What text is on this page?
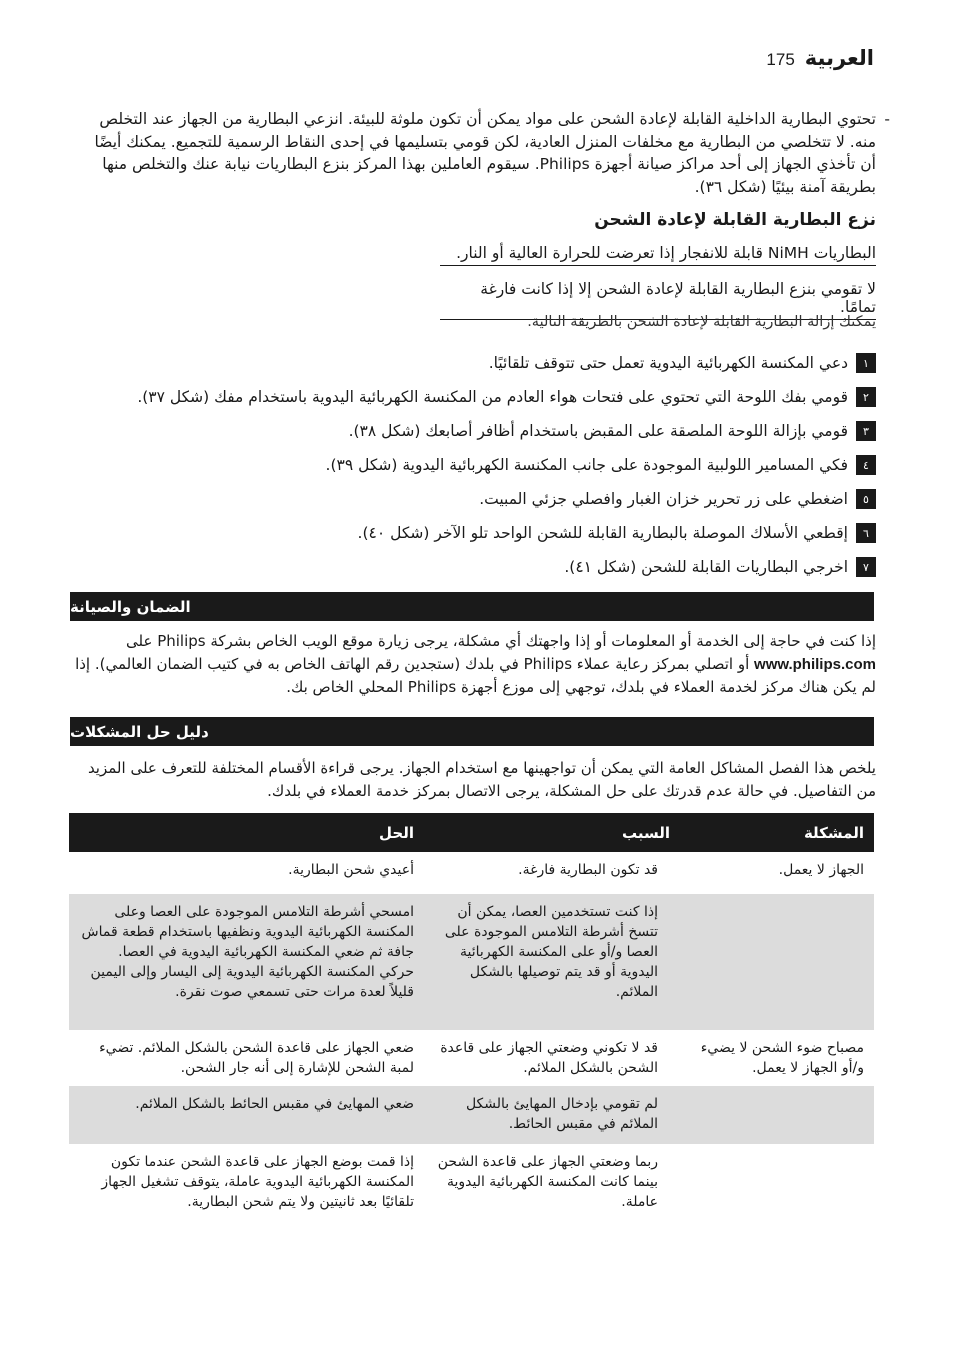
العربية
175
-
تحتوي البطارية الداخلية القابلة لإعادة الشحن على مواد يمكن أن تكون ملوثة للبيئة. انزعي البطارية من الجهاز عند التخلص منه. لا تتخلصي من البطارية مع مخلفات المنزل العادية، لكن قومي بتسليمها في إحدى النقاط الرسمية للتجميع. يمكنك أيضًا أن تأخذي الجهاز إلى أحد مراكز صيانة أجهزة Philips. سيقوم العاملين بهذا المركز بنزع البطاريات نيابة عنك والتخلص منها بطريقة آمنة بيئيًا (شكل ٣٦).
نزع البطارية القابلة لإعادة الشحن
البطاريات NiMH قابلة للانفجار إذا تعرضت للحرارة العالية أو النار.
لا تقومي بنزع البطارية القابلة لإعادة الشحن إلا إذا كانت فارغة تمامًا.
يمكنك إزالة البطارية القابلة لإعادة الشحن بالطريقة التالية.
١
دعي المكنسة الكهربائية اليدوية تعمل حتى تتوقف تلقائيًا.
٢
قومي بفك اللوحة التي تحتوي على فتحات هواء العادم من المكنسة الكهربائية اليدوية باستخدام مفك (شكل ٣٧).
٣
قومي بإزالة اللوحة الملصقة على المقبض باستخدام أظافر أصابعك (شكل ٣٨).
٤
فكي المسامير اللولبية الموجودة على جانب المكنسة الكهربائية اليدوية (شكل ٣٩).
٥
اضغطي على زر تحرير خزان الغبار وافصلي جزئي المبيت.
٦
إقطعي الأسلاك الموصلة بالبطارية القابلة للشحن الواحد تلو الآخر (شكل ٤٠).
٧
اخرجي البطاريات القابلة للشحن (شكل ٤١).
الضمان والصيانة
إذا كنت في حاجة إلى الخدمة أو المعلومات أو إذا واجهتك أي مشكلة، يرجى زيارة موقع الويب الخاص بشركة Philips على www.philips.com أو اتصلي بمركز رعاية عملاء Philips في بلدك (ستجدين رقم الهاتف الخاص به في كتيب الضمان العالمي). إذا لم يكن هناك مركز لخدمة العملاء في بلدك، توجهي إلى موزع أجهزة Philips المحلي الخاص بك.
دليل حل المشكلات
يلخص هذا الفصل المشاكل العامة التي يمكن أن تواجهينها مع استخدام الجهاز. يرجى قراءة الأقسام المختلفة للتعرف على المزيد من التفاصيل. في حالة عدم قدرتك على حل المشكلة، يرجى الاتصال بمركز خدمة العملاء في بلدك.
المشكلة	السبب	الحل
الجهاز لا يعمل.	قد تكون البطارية فارغة.	أعيدي شحن البطارية.
	إذا كنت تستخدمين العصا، يمكن أن تتسخ أشرطة التلامس الموجودة على العصا و/أو على المكنسة الكهربائية اليدوية أو قد يتم توصيلها بالشكل الملائم.	امسحي أشرطة التلامس الموجودة على العصا وعلى المكنسة الكهربائية اليدوية ونظفيها باستخدام قطعة قماش جافة ثم ضعي المكنسة الكهربائية اليدوية في العصا. حركي المكنسة الكهربائية اليدوية إلى اليسار وإلى اليمين قليلاً لعدة مرات حتى تسمعي صوت نقرة.
مصباح ضوء الشحن لا يضيء و/أو الجهاز لا يعمل.	قد لا تكوني وضعتي الجهاز على قاعدة الشحن بالشكل الملائم.	ضعي الجهاز على قاعدة الشحن بالشكل الملائم. تضيء لمبة الشحن للإشارة إلى أنه جار الشحن.
	لم تقومي بإدخال المهايئ بالشكل الملائم في مقبس الحائط.	ضعي المهايئ في مقبس الحائط بالشكل الملائم.
	ربما وضعتي الجهاز على قاعدة الشحن بينما كانت المكنسة الكهربائية اليدوية عاملة.	إذا قمت بوضع الجهاز على قاعدة الشحن عندما تكون المكنسة الكهربائية اليدوية عاملة، يتوقف تشغيل الجهاز تلقائيًا بعد ثانيتين ولا يتم شحن البطارية.
